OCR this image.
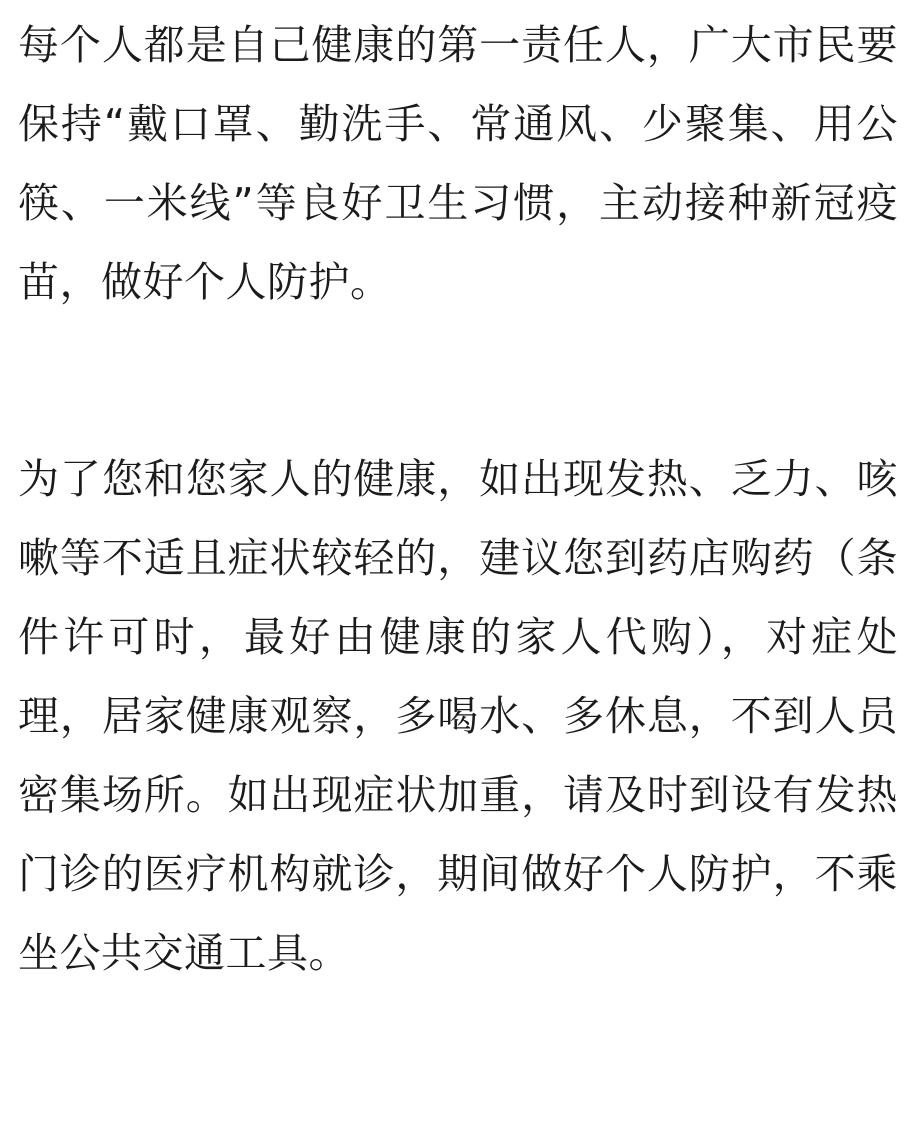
每个人都是自己健康的第一责任人，广大市民要保持“戴口罩、勤洗手、常通风、少聚集、用公筷、一米线”等良好卫生习惯，主动接种新冠疫苗，做好个人防护。

为了您和您家人的健康，如出现发热、乏力、咳嗽等不适且症状较轻的，建议您到药店购药（条件许可时，最好由健康的家人代购），对症处理，居家健康观察，多喝水、多休息，不到人员密集场所。如出现症状加重，请及时到设有发热门诊的医疗机构就诊，期间做好个人防护，不乘坐公共交通工具。
